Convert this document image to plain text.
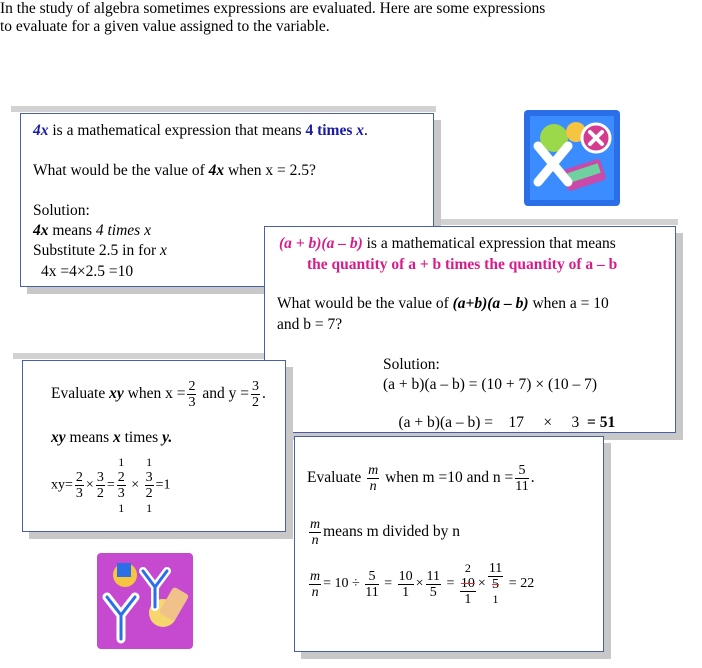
In the study of algebra sometimes expressions are evaluated. Here are some expressions
to evaluate for a given value assigned to the variable.
4x is a mathematical expression that means 4 times x.
What would be the value of 4x when x = 2.5?
Solution:
4x means 4 times x
Substitute 2.5 in for x
4x =4×2.5 =10
(a + b)(a – b) is a mathematical expression that means
the quantity of a + b times the quantity of a – b
What would be the value of (a+b)(a – b) when a = 10
and b = 7?
Solution:
(a + b)(a – b) = (10 + 7) × (10 – 7)

(a + b)(a – b) =    17     ×     3  = 51

Evaluate xy when $x = \frac{2}{3}$ and $y = \frac{3}{2}$ .
xy means x times y.
$xy= \frac{2}{3} \times \frac{3}{2}$ =
1
2
3
1
×
1
3
2
1
=1	Evaluate $\frac{m}{n}$ when m =10 and $n = \frac{5}{11}$ .
$\frac{m}{n}$ means m divided by n
$\frac{m}{n} = 10 \div \frac{5}{11} = \frac{10}{1} \times \frac{11}{5}$ =
2
10
1
×
11
5
1
= 22
